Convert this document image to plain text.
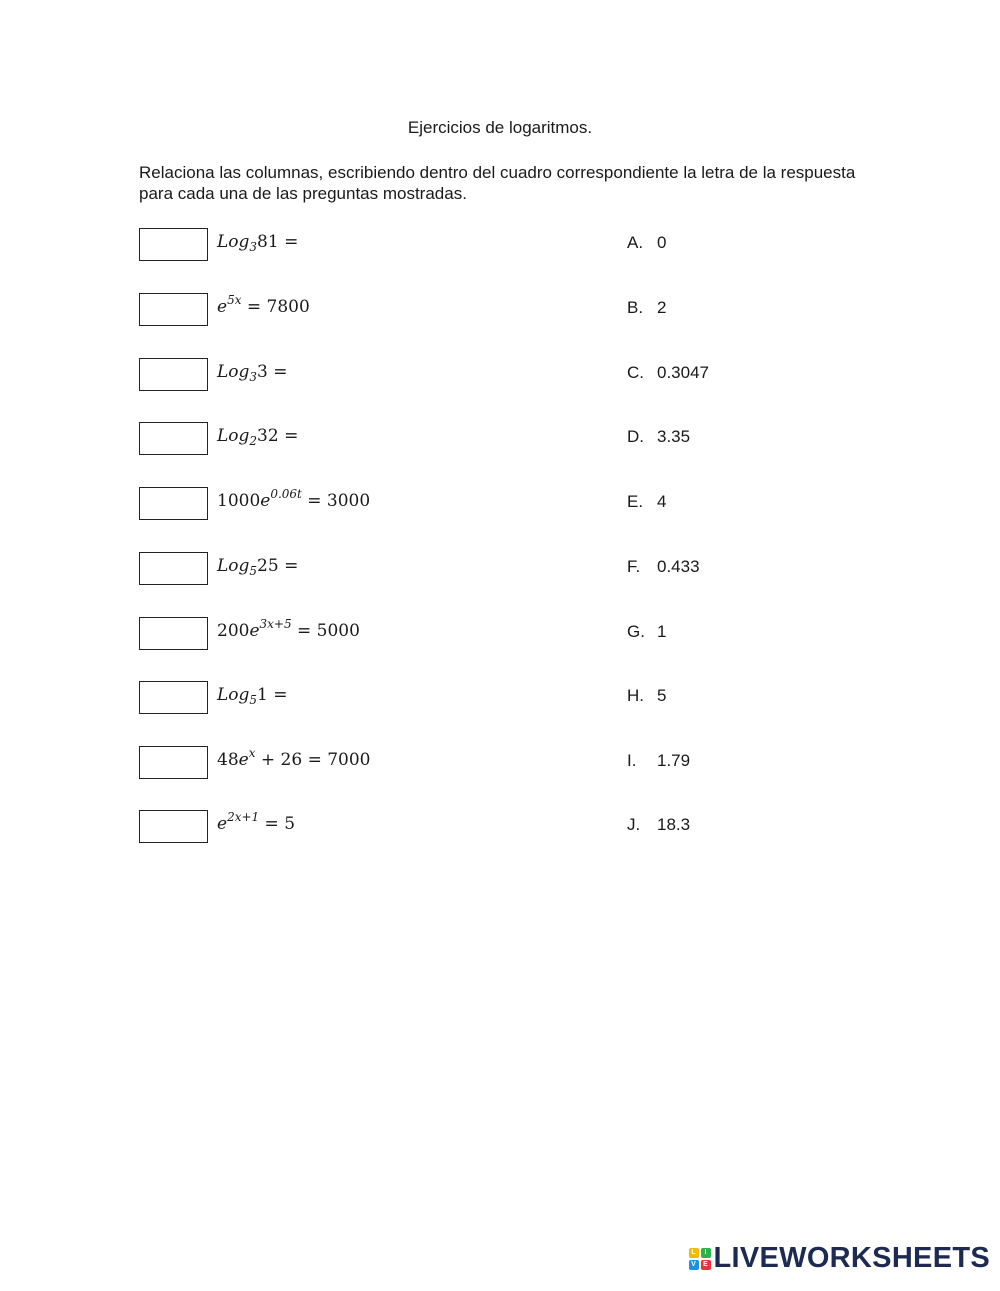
Ejercicios de logaritmos.
Relaciona las columnas, escribiendo dentro del cuadro correspondiente la letra de la respuesta para cada una de las preguntas mostradas.
Log$_3$81 =	A. 0
$e^{5x} = 7800$	B. 2
Log$_3$3 =	C. 0.3047
Log$_2$32 =	D. 3.35
$1000e^{0.06t} = 3000$	E. 4
Log$_5$25 =	F. 0.433
$200e^{3x+5} = 5000$	G. 1
Log$_5$1 =	H. 5
$48e^x + 26 = 7000$	I. 1.79
$e^{2x+1} = 5$	J. 18.3
L	I
V	E LIVEWORKSHEETS
